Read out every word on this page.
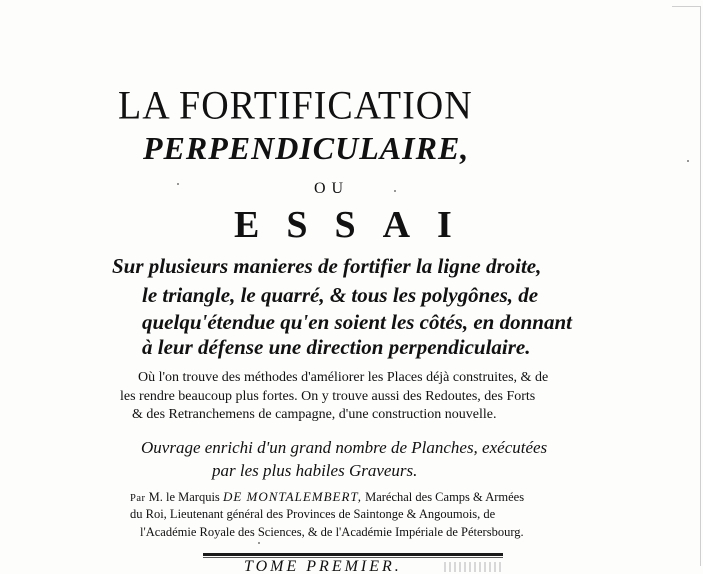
LA FORTIFICATION
PERPENDICULAIRE,
OU
ESSAI
Sur plusieurs manieres de fortifier la ligne droite,
le triangle, le quarré, & tous les polygônes, de
quelqu'étendue qu'en soient les côtés, en donnant
à leur défense une direction perpendiculaire.
Où l'on trouve des méthodes d'améliorer les Places déjà construites, & de
les rendre beaucoup plus fortes. On y trouve aussi des Redoutes, des Forts
& des Retranchemens de campagne, d'une construction nouvelle.
Ouvrage enrichi d'un grand nombre de Planches, exécutées
par les plus habiles Graveurs.
Par M. le Marquis DE MONTALEMBERT, Maréchal des Camps & Armées
du Roi, Lieutenant général des Provinces de Saintonge & Angoumois, de
l'Académie Royale des Sciences, & de l'Académie Impériale de Pétersbourg.
TOME PREMIER.
